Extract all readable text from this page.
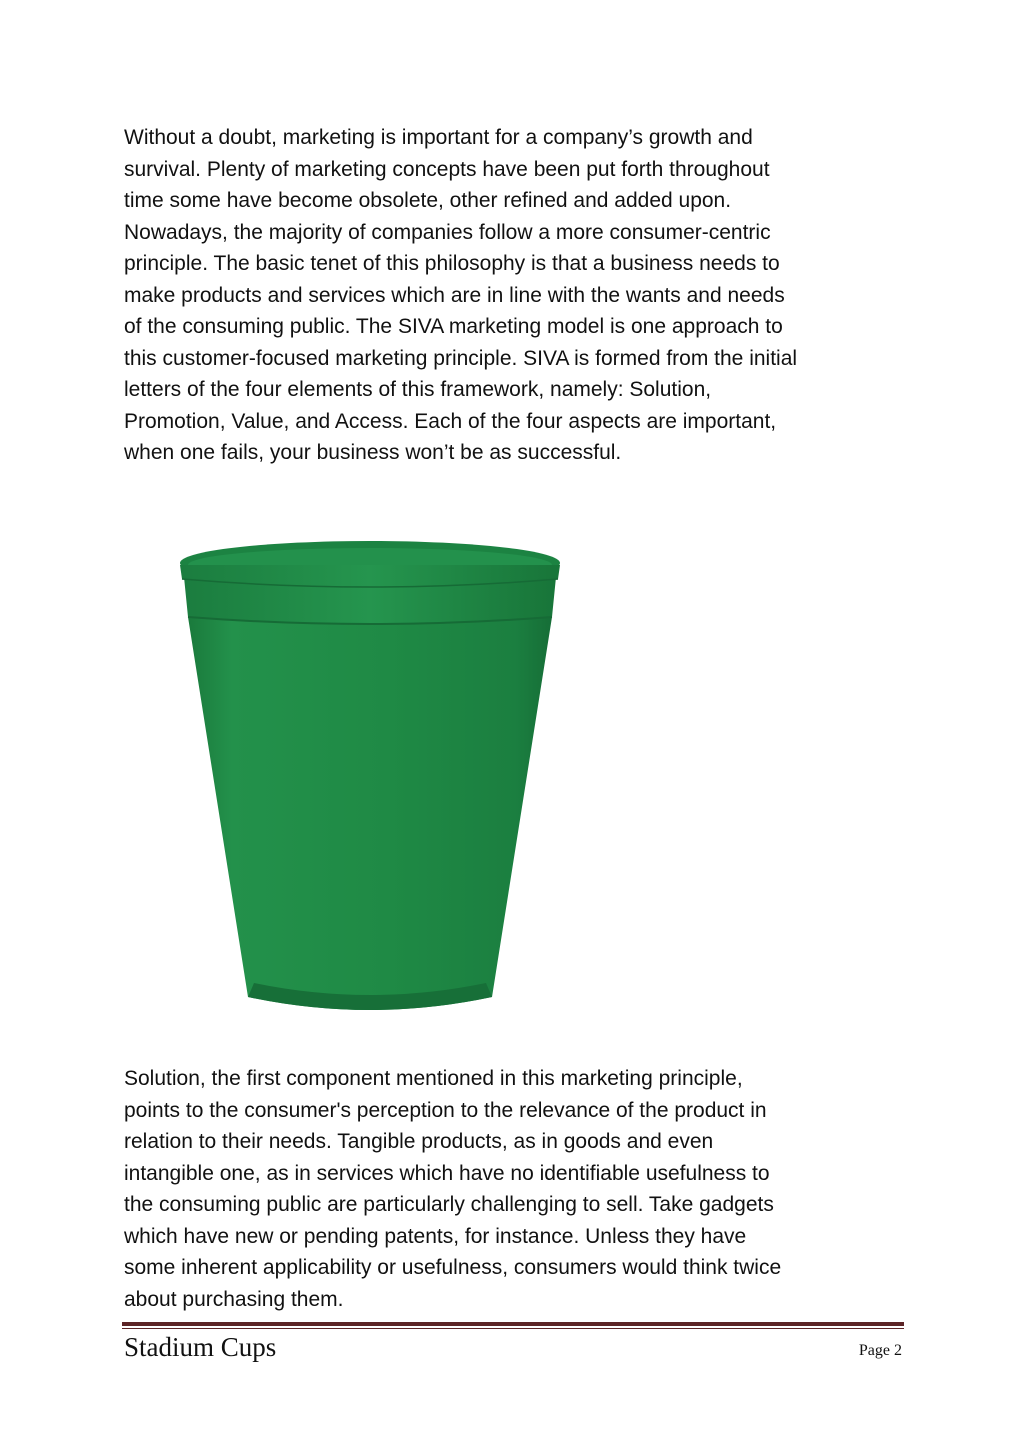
Without a doubt, marketing is important for a company’s growth and
survival. Plenty of marketing concepts have been put forth throughout
time some have become obsolete, other refined and added upon.
Nowadays, the majority of companies follow a more consumer-centric
principle. The basic tenet of this philosophy is that a business needs to
make products and services which are in line with the wants and needs
of the consuming public. The SIVA marketing model is one approach to
this customer-focused marketing principle. SIVA is formed from the initial
letters of the four elements of this framework, namely: Solution,
Promotion, Value, and Access. Each of the four aspects are important,
when one fails, your business won’t be as successful.

Solution, the first component mentioned in this marketing principle,
points to the consumer's perception to the relevance of the product in
relation to their needs. Tangible products, as in goods and even
intangible one, as in services which have no identifiable usefulness to
the consuming public are particularly challenging to sell. Take gadgets
which have new or pending patents, for instance. Unless they have
some inherent applicability or usefulness, consumers would think twice
about purchasing them.

Stadium Cups	Page 2
